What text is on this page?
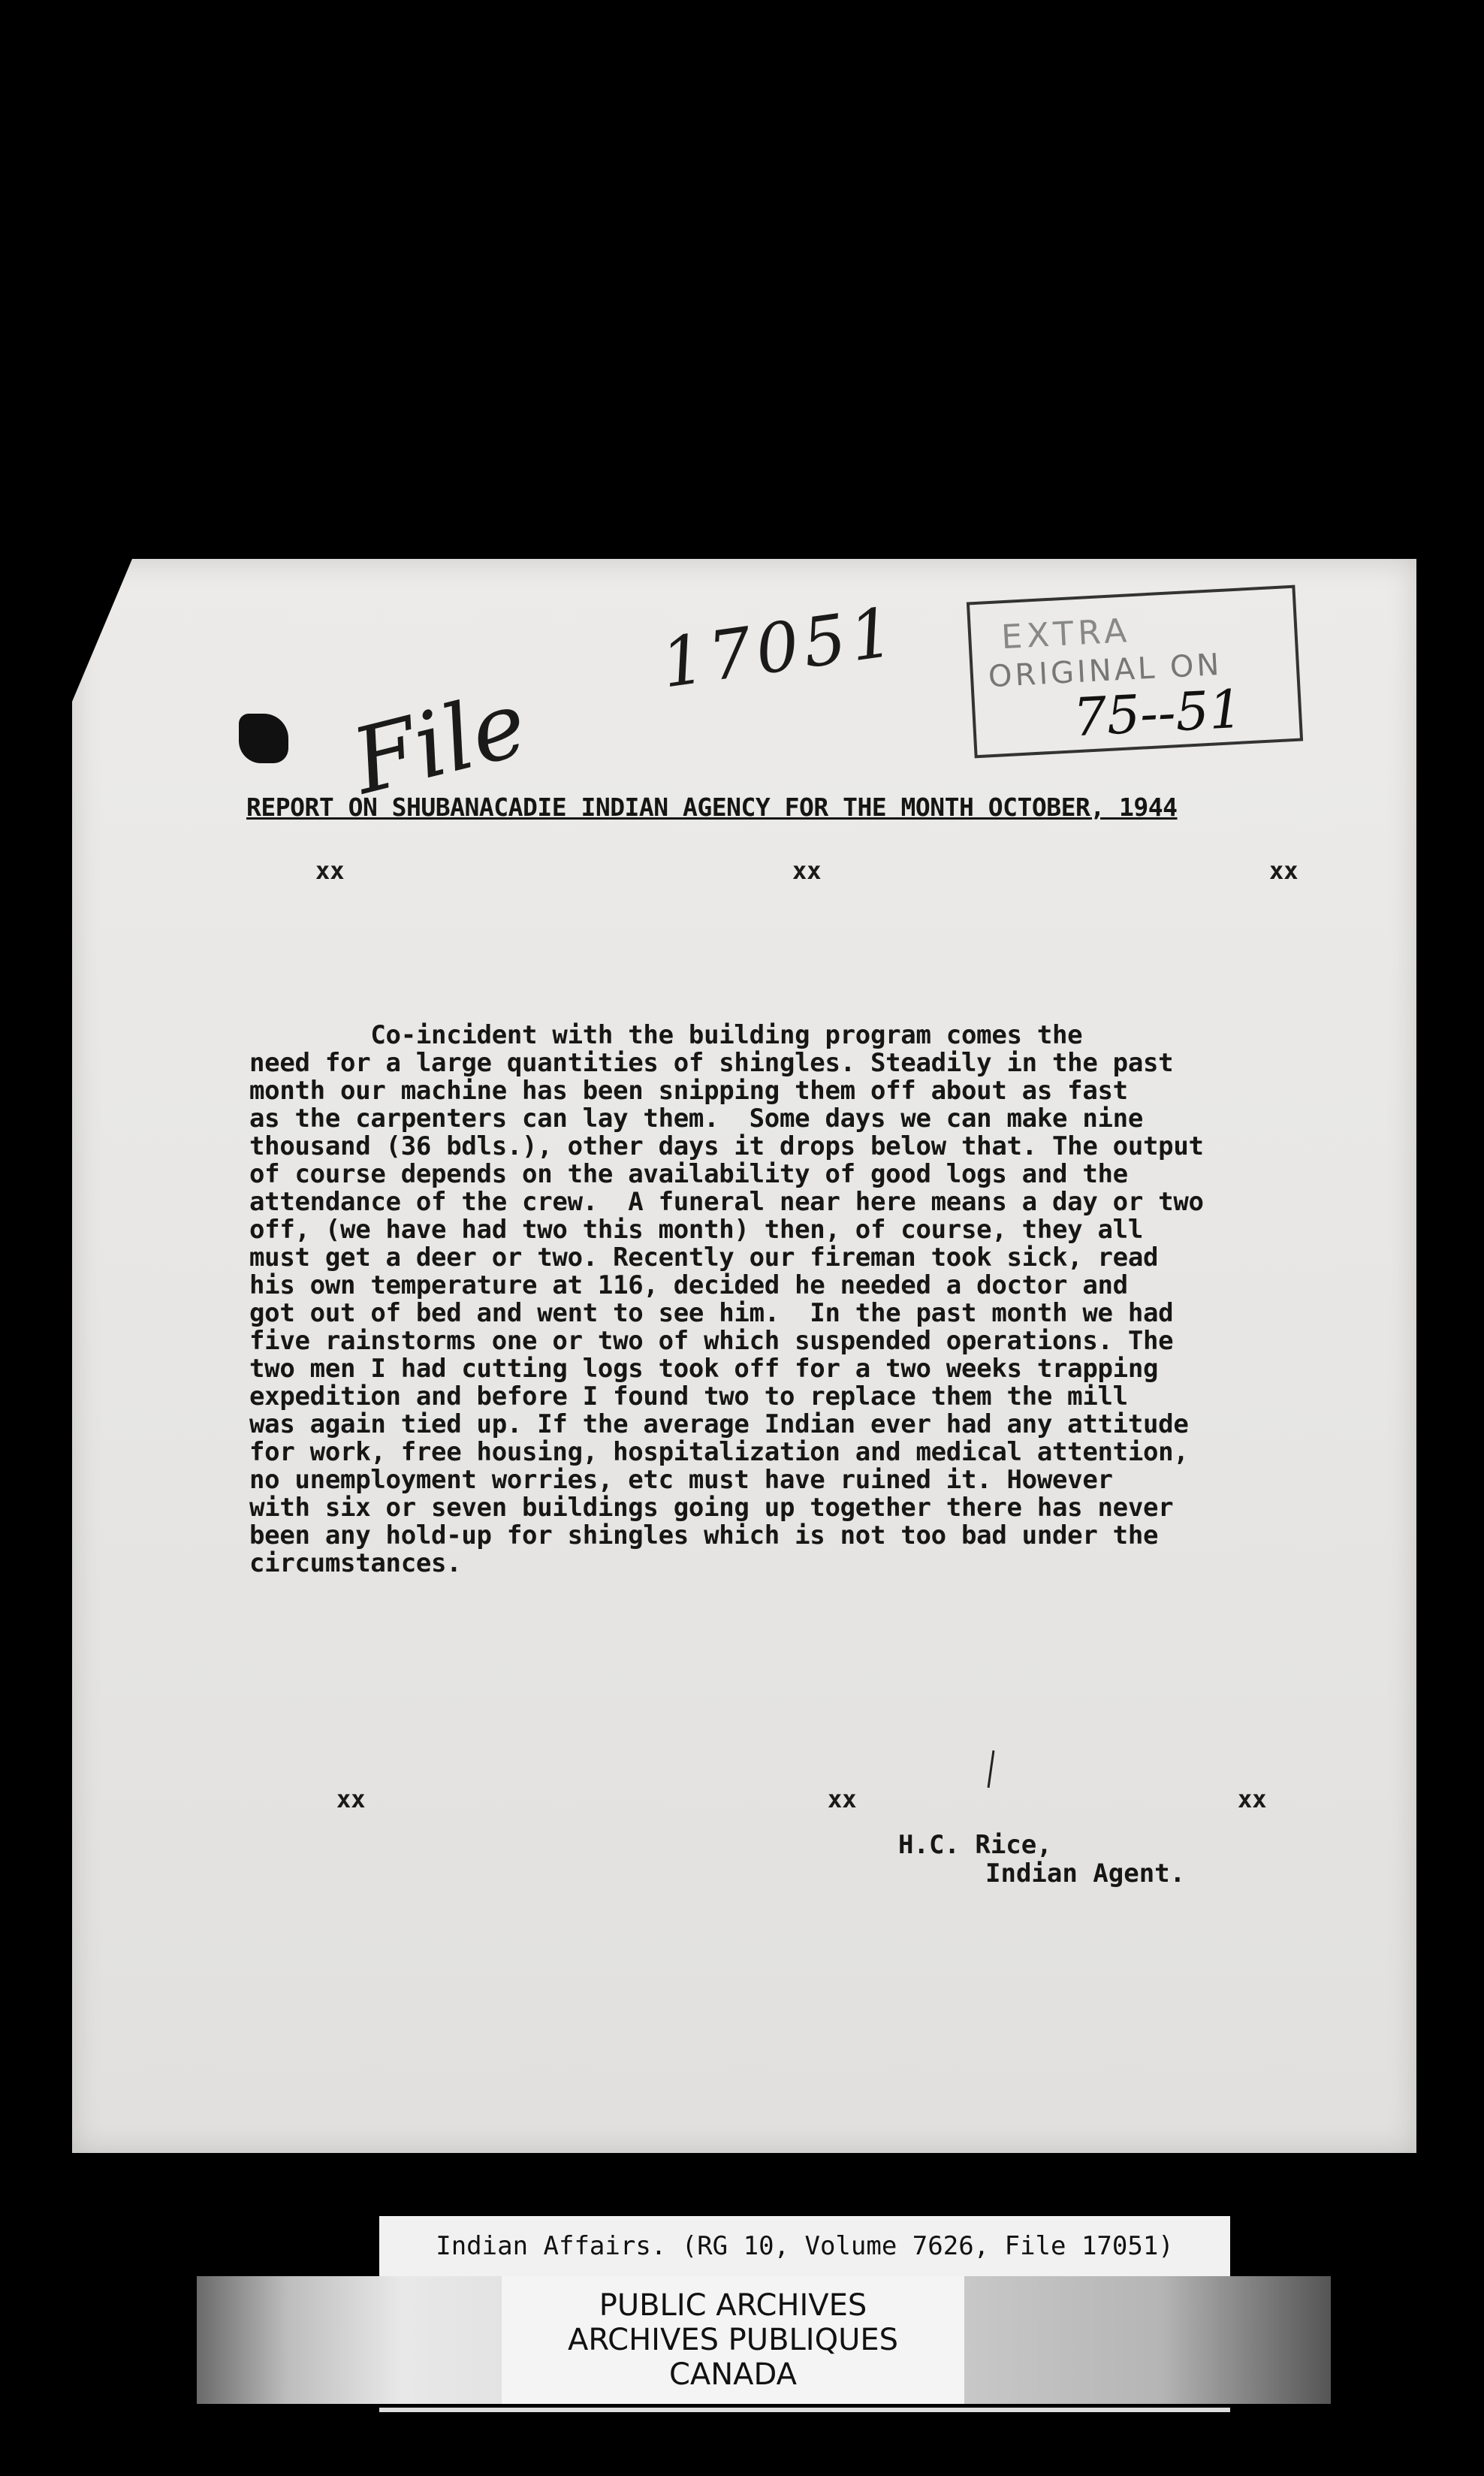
17051
File
EXTRA
ORIGINAL ON
75--51
REPORT ON SHUBANACADIE INDIAN AGENCY FOR THE MONTH OCTOBER, 1944
xx	xx	xx
Co-incident with the building program comes the
need for a large quantities of shingles. Steadily in the past
month our machine has been snipping them off about as fast
as the carpenters can lay them.  Some days we can make nine
thousand (36 bdls.), other days it drops below that. The output
of course depends on the availability of good logs and the
attendance of the crew.  A funeral near here means a day or two
off, (we have had two this month) then, of course, they all
must get a deer or two. Recently our fireman took sick, read
his own temperature at 116, decided he needed a doctor and
got out of bed and went to see him.  In the past month we had
five rainstorms one or two of which suspended operations. The
two men I had cutting logs took off for a two weeks trapping
expedition and before I found two to replace them the mill
was again tied up. If the average Indian ever had any attitude
for work, free housing, hospitalization and medical attention,
no unemployment worries, etc must have ruined it. However
with six or seven buildings going up together there has never
been any hold-up for shingles which is not too bad under the
circumstances.
xx	xx	xx
H.C. Rice,
Indian Agent.
Indian Affairs. (RG 10, Volume 7626, File 17051)
PUBLIC ARCHIVES
ARCHIVES PUBLIQUES
CANADA
